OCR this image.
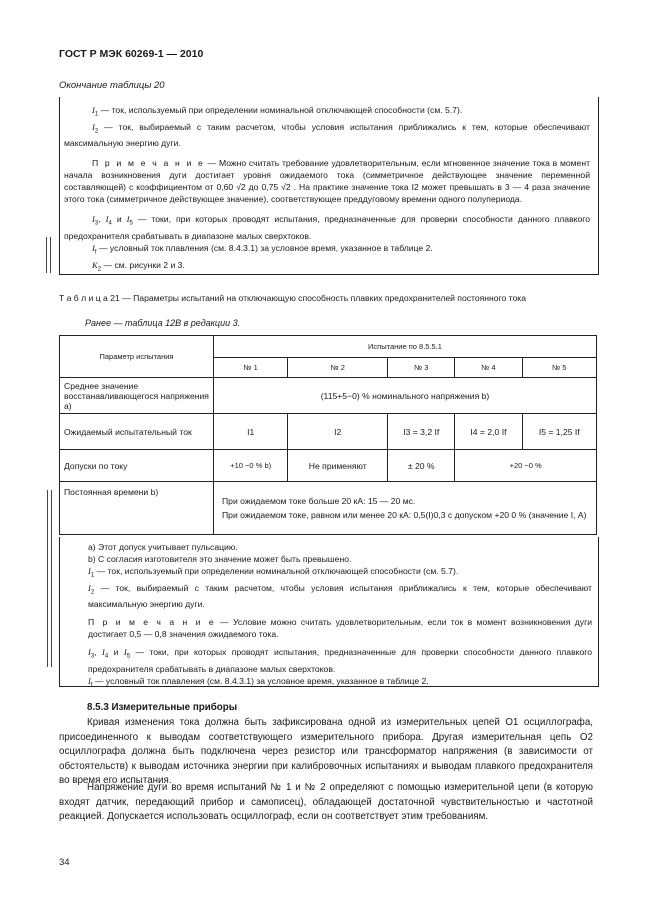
ГОСТ Р МЭК 60269-1 — 2010
Окончание таблицы 20
$I_1$ — ток, используемый при определении номинальной отключающей способности (см. 5.7).
$I_2$ — ток, выбираемый с таким расчетом, чтобы условия испытания приближались к тем, которые обеспечивают максимальную энергию дуги.
П р и м е ч а н и е — Можно считать требование удовлетворительным, если мгновенное значение тока в момент начала возникновения дуги достигает уровня ожидаемого тока (симметричное действующее значение переменной составляющей) с коэффициентом от 0,60 √2 до 0,75 √2 . На практике значение тока I2 может превышать в 3 — 4 раза значение этого тока (симметричное действующее значение), соответствующее преддуговому времени одного полупериода.
$I_3$, $I_4$ и $I_5$ — токи, при которых проводят испытания, предназначенные для проверки способности данного плавкого предохранителя срабатывать в диапазоне малых сверхтоков.
$I_f$ — условный ток плавления (см. 8.4.3.1) за условное время, указанное в таблице 2.
$K_2$ — см. рисунки 2 и 3.
Т а б л и ц а 21 — Параметры испытаний на отключающую способность плавких предохранителей постоянного тока
Ранее — таблица 12В в редакции 3.
Параметр испытания	Испытание по 8.5.5.1				
	№ 1	№ 2	№ 3	№ 4	№ 5
Среднее значение восстанавливающегося напряжения a)	(115+5−0) % номинального напряжения b)				
Ожидаемый испытательный ток	I1	I2	I3 = 3,2 If	I4 = 2,0 If	I5 = 1,25 If
Допуски по току	+10 −0 % b)	Не применяют	± 20 %	+20 −0 %	
Постоянная времени b)	При ожидаемом токе больше 20 кА: 15 — 20 мс.
При ожидаемом токе, равном или менее 20 кА: 0,5(I)0,3 с допуском +20 0 % (значение I, А)				
a) Этот допуск учитывает пульсацию.
b) С согласия изготовителя это значение может быть превышено.
$I_1$ — ток, используемый при определении номинальной отключающей способности (см. 5.7).
$I_2$ — ток, выбираемый с таким расчетом, чтобы условия испытания приближались к тем, которые обеспечивают максимальную энергию дуги.
П р и м е ч а н и е — Условие можно считать удовлетворительным, если ток в момент возникновения дуги достигает 0,5 — 0,8 значения ожидаемого тока.
$I_3$, $I_4$ и $I_5$ — токи, при которых проводят испытания, предназначенные для проверки способности данного плавкого предохранителя срабатывать в диапазоне малых сверхтоков.
$I_f$ — условный ток плавления (см. 8.4.3.1) за условное время, указанное в таблице 2.
8.5.3 Измерительные приборы
Кривая изменения тока должна быть зафиксирована одной из измерительных цепей O1 осциллографа, присоединенного к выводам соответствующего измерительного прибора. Другая измерительная цепь O2 осциллографа должна быть подключена через резистор или трансформатор напряжения (в зависимости от обстоятельств) к выводам источника энергии при калибровочных испытаниях и выводам плавкого предохранителя во время его испытания.
Напряжение дуги во время испытаний № 1 и № 2 определяют с помощью измерительной цепи (в которую входят датчик, передающий прибор и самописец), обладающей достаточной чувствительностью и частотной реакцией. Допускается использовать осциллограф, если он соответствует этим требованиям.
34
